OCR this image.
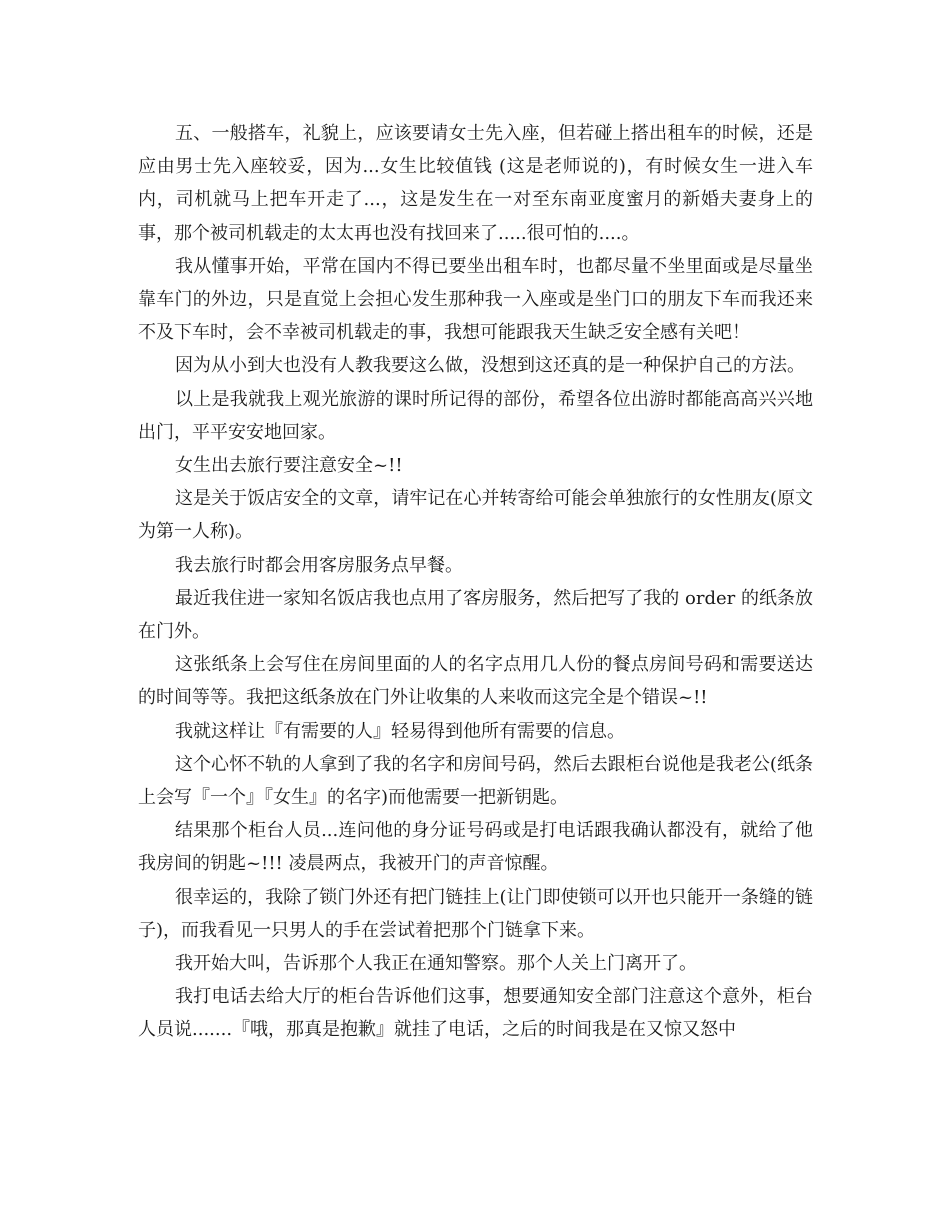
五、一般搭车，礼貌上，应该要请女士先入座，但若碰上搭出租车的时候，还是应由男士先入座较妥，因为...女生比较值钱 (这是老师说的)，有时候女生一进入车内，司机就马上把车开走了...，这是发生在一对至东南亚度蜜月的新婚夫妻身上的事，那个被司机载走的太太再也没有找回来了.....很可怕的....。

我从懂事开始，平常在国内不得已要坐出租车时，也都尽量不坐里面或是尽量坐靠车门的外边，只是直觉上会担心发生那种我一入座或是坐门口的朋友下车而我还来不及下车时，会不幸被司机载走的事，我想可能跟我天生缺乏安全感有关吧！

因为从小到大也没有人教我要这么做，没想到这还真的是一种保护自己的方法。

以上是我就我上观光旅游的课时所记得的部份，希望各位出游时都能高高兴兴地出门，平平安安地回家。

女生出去旅行要注意安全~!!

这是关于饭店安全的文章，请牢记在心并转寄给可能会单独旅行的女性朋友(原文为第一人称)。

我去旅行时都会用客房服务点早餐。

最近我住进一家知名饭店我也点用了客房服务，然后把写了我的 order 的纸条放在门外。

这张纸条上会写住在房间里面的人的名字点用几人份的餐点房间号码和需要送达的时间等等。我把这纸条放在门外让收集的人来收而这完全是个错误~!!

我就这样让『有需要的人』轻易得到他所有需要的信息。

这个心怀不轨的人拿到了我的名字和房间号码，然后去跟柜台说他是我老公(纸条上会写『一个』『女生』的名字)而他需要一把新钥匙。

结果那个柜台人员...连问他的身分证号码或是打电话跟我确认都没有，就给了他我房间的钥匙~!!! 凌晨两点，我被开门的声音惊醒。

很幸运的，我除了锁门外还有把门链挂上(让门即使锁可以开也只能开一条缝的链子)，而我看见一只男人的手在尝试着把那个门链拿下来。

我开始大叫，告诉那个人我正在通知警察。那个人关上门离开了。

我打电话去给大厅的柜台告诉他们这事，想要通知安全部门注意这个意外，柜台人员说.......『哦，那真是抱歉』就挂了电话，之后的时间我是在又惊又怒中
